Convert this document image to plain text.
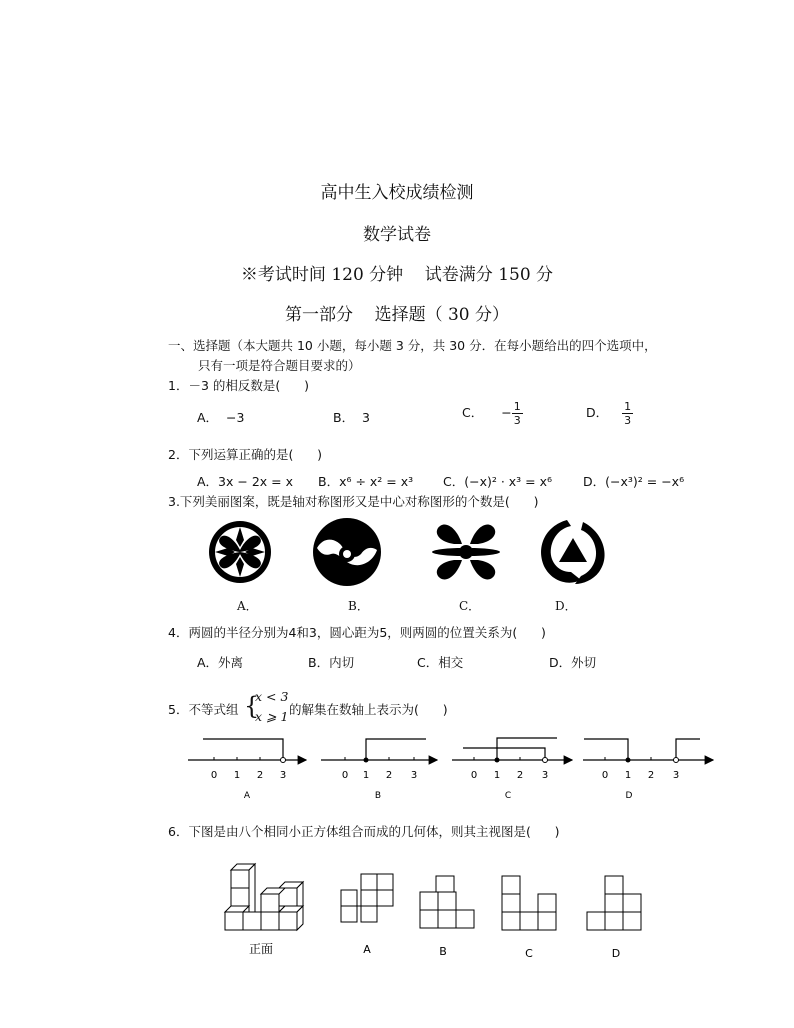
高中生入校成绩检测
数学试卷
※考试时间 120 分钟    试卷满分 150 分
第一部分    选择题（ 30 分）
一、选择题（本大题共 10 小题，每小题 3 分，共 30 分．在每小题给出的四个选项中，
只有一项是符合题目要求的）
1．－3 的相反数是(      )
A．  −3	B．  3	C． − $\frac{1}{3}$	D． $\frac{1}{3}$
2．下列运算正确的是(      )
A．3x − 2x = x B．x⁶ ÷ x² = x³ C．(−x)² · x³ = x⁶ D．(−x³)² = −x⁶
3.下列美丽图案，既是轴对称图形又是中心对称图形的个数是(      )
A．	B．	C．	D．
4．两圆的半径分别为4和3，圆心距为5，则两圆的位置关系为(      )
A．外离	B．内切	C．相交	D．外切
5．不等式组 {
x < 3
x ⩾ 1 的解集在数轴上表示为(      )
0 1 2 3
A
0 1 2 3
B
0 1 2 3
C
0 1 2 3
D
6．下图是由八个相同小正方体组合而成的几何体，则其主视图是(      )
正面	A	B	C	D
